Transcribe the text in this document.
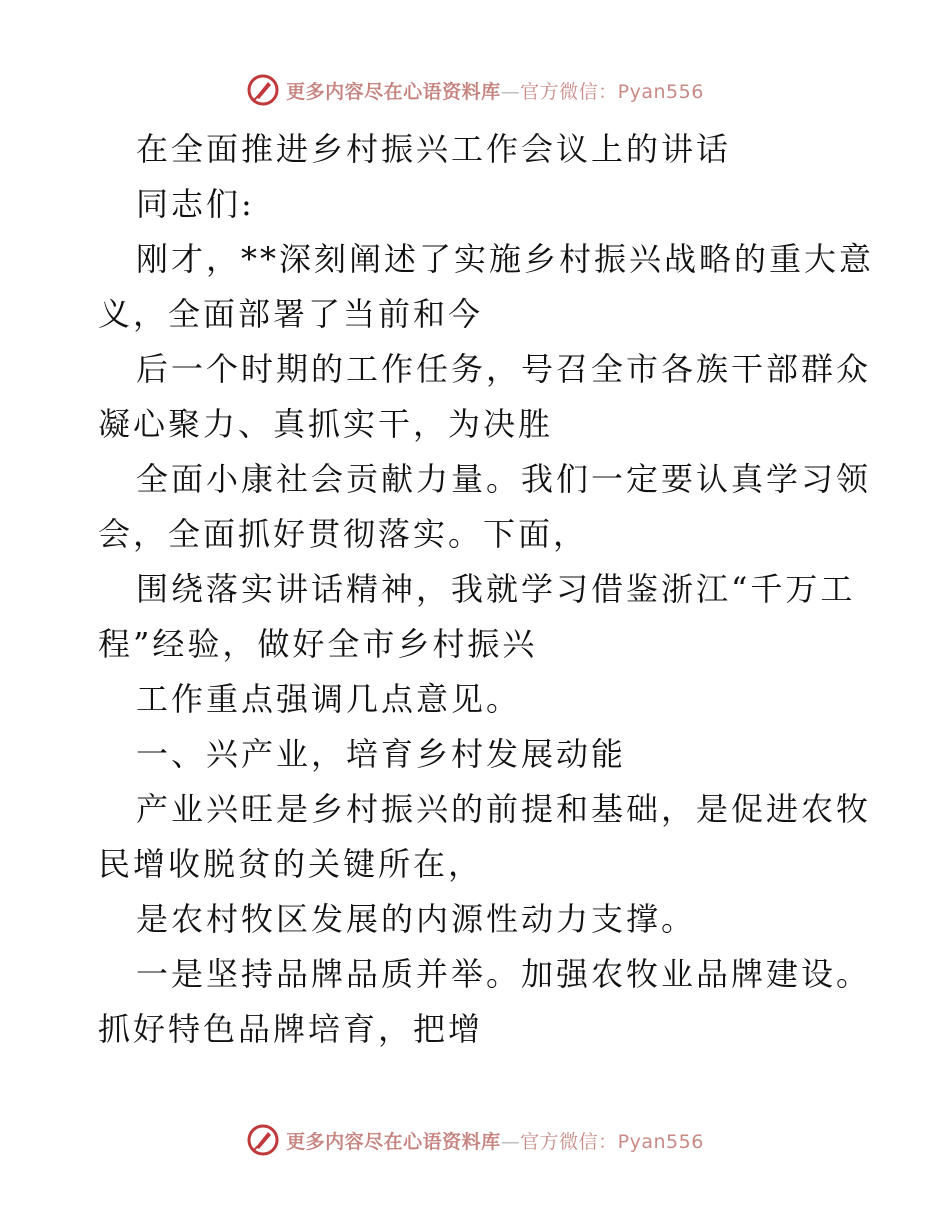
更多内容尽在心语资料库—官方微信：Pyan556

在全面推进乡村振兴工作会议上的讲话

同志们:

刚才，**深刻阐述了实施乡村振兴战略的重大意
义，全面部署了当前和今

后一个时期的工作任务，号召全市各族干部群众
凝心聚力、真抓实干，为决胜

全面小康社会贡献力量。我们一定要认真学习领
会，全面抓好贯彻落实。下面，

围绕落实讲话精神，我就学习借鉴浙江“千万工
程”经验，做好全市乡村振兴

工作重点强调几点意见。

一、兴产业，培育乡村发展动能

产业兴旺是乡村振兴的前提和基础，是促进农牧
民增收脱贫的关键所在，

是农村牧区发展的内源性动力支撑。

一是坚持品牌品质并举。加强农牧业品牌建设。
抓好特色品牌培育，把增

更多内容尽在心语资料库—官方微信：Pyan556
